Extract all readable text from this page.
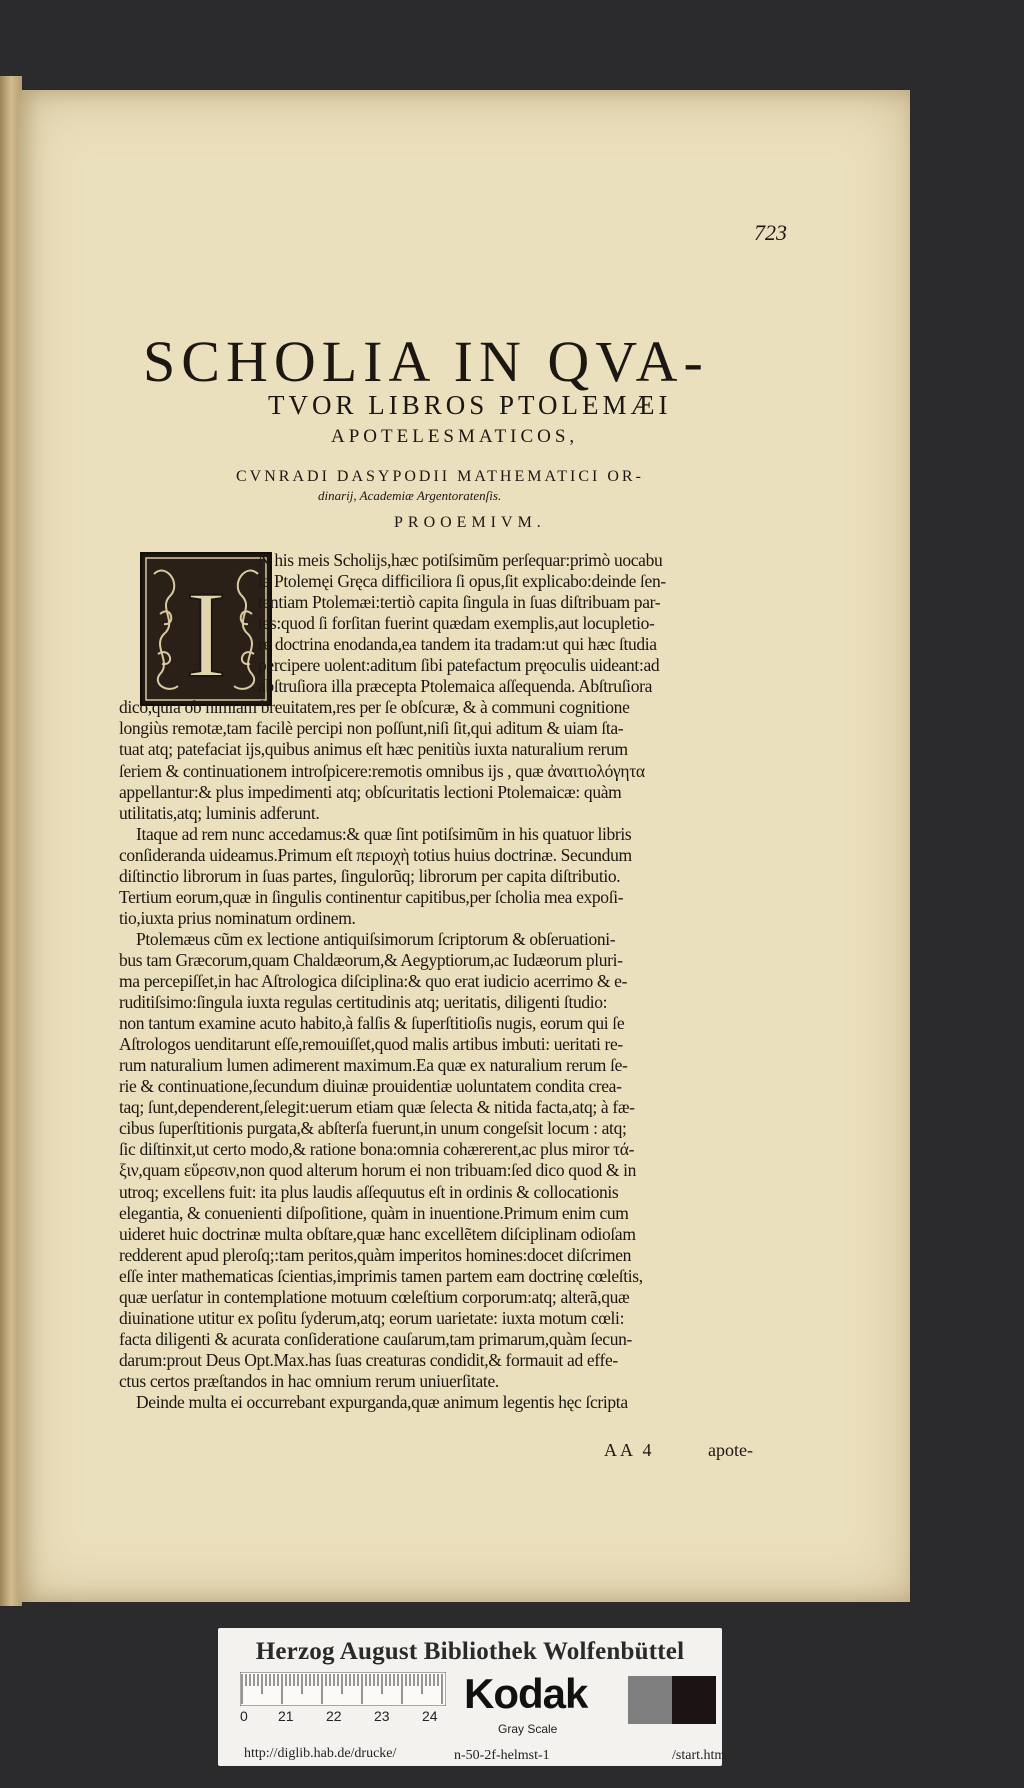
723
SCHOLIA IN QVA-
TVOR LIBROS PTOLEMÆI
APOTELESMATICOS,
CVNRADI DASYPODII MATHEMATICI OR-
dinarij, Academiæ Argentoratenſis.
PROOEMIVM.
I
N his meis Scholijs,hæc potiſsimũm perſequar:primò uocabu
la Ptolemęi Gręca difficiliora ſi opus,ſit explicabo:deinde ſen-
tentiam Ptolemæi:tertiò capita ſingula in ſuas diſtribuam par-
tes:quod ſi forſitan fuerint quædam exemplis,aut locupletio-
re doctrina enodanda,ea tandem ita tradam:ut qui hæc ſtudia
percipere uolent:aditum ſibi patefactum pręoculis uideant:ad
abſtruſiora illa præcepta Ptolemaica aſſequenda. Abſtruſiora
dico,quia ob nimiam breuitatem,res per ſe obſcuræ, & à communi cognitione
longiùs remotæ,tam facilè percipi non poſſunt,niſi ſit,qui aditum & uiam ſta-
tuat atq; patefaciat ijs,quibus animus eſt hæc penitiùs iuxta naturalium rerum
ſeriem & continuationem introſpicere:remotis omnibus ijs , quæ ἀναιτιολόγητα
appellantur:& plus impedimenti atq; obſcuritatis lectioni Ptolemaicæ: quàm
utilitatis,atq; luminis adferunt.
Itaque ad rem nunc accedamus:& quæ ſint potiſsimũm in his quatuor libris
conſideranda uideamus.Primum eſt περιοχὴ totius huius doctrinæ. Secundum
diſtinctio librorum in ſuas partes, ſingulorũq; librorum per capita diſtributio.
Tertium eorum,quæ in ſingulis continentur capitibus,per ſcholia mea expoſi-
tio,iuxta prius nominatum ordinem.
Ptolemæus cũm ex lectione antiquiſsimorum ſcriptorum & obſeruationi-
bus tam Græcorum,quam Chaldæorum,& Aegyptiorum,ac Iudæorum pluri-
ma percepiſſet,in hac Aſtrologica diſciplina:& quo erat iudicio acerrimo & e-
ruditiſsimo:ſingula iuxta regulas certitudinis atq; ueritatis, diligenti ſtudio:
non tantum examine acuto habito,à falſis & ſuperſtitioſis nugis, eorum qui ſe
Aſtrologos uenditarunt eſſe,remouiſſet,quod malis artibus imbuti: ueritati re-
rum naturalium lumen adimerent maximum.Ea quæ ex naturalium rerum ſe-
rie & continuatione,ſecundum diuinæ prouidentiæ uoluntatem condita crea-
taq; ſunt,dependerent,ſelegit:uerum etiam quæ ſelecta & nitida facta,atq; à fæ-
cibus ſuperſtitionis purgata,& abſterſa fuerunt,in unum congeſsit locum : atq;
ſic diſtinxit,ut certo modo,& ratione bona:omnia cohærerent,ac plus miror τά-
ξιν,quam εὕρεσιν,non quod alterum horum ei non tribuam:ſed dico quod & in
utroq; excellens fuit: ita plus laudis aſſequutus eſt in ordinis & collocationis
elegantia, & conuenienti diſpoſitione, quàm in inuentione.Primum enim cum
uideret huic doctrinæ multa obſtare,quæ hanc excellẽtem diſciplinam odioſam
redderent apud pleroſq;:tam peritos,quàm imperitos homines:docet diſcrimen
eſſe inter mathematicas ſcientias,imprimis tamen partem eam doctrinę cœleſtis,
quæ uerſatur in contemplatione motuum cœleſtium corporum:atq; alterã,quæ
diuinatione utitur ex poſitu ſyderum,atq; eorum uarietate: iuxta motum cœli:
facta diligenti & acurata conſideratione cauſarum,tam primarum,quàm ſecun-
darum:prout Deus Opt.Max.has ſuas creaturas condidit,& formauit ad effe-
ctus certos præſtandos in hac omnium rerum uniuerſitate.
Deinde multa ei occurrebant expurganda,quæ animum legentis hęc ſcripta
AA 4	apote-
Herzog August Bibliothek Wolfenbüttel
0 21 22 23 24 Kodak
Gray Scale
http://diglib.hab.de/drucke/	n-50-2f-helmst-1	/start.htm
